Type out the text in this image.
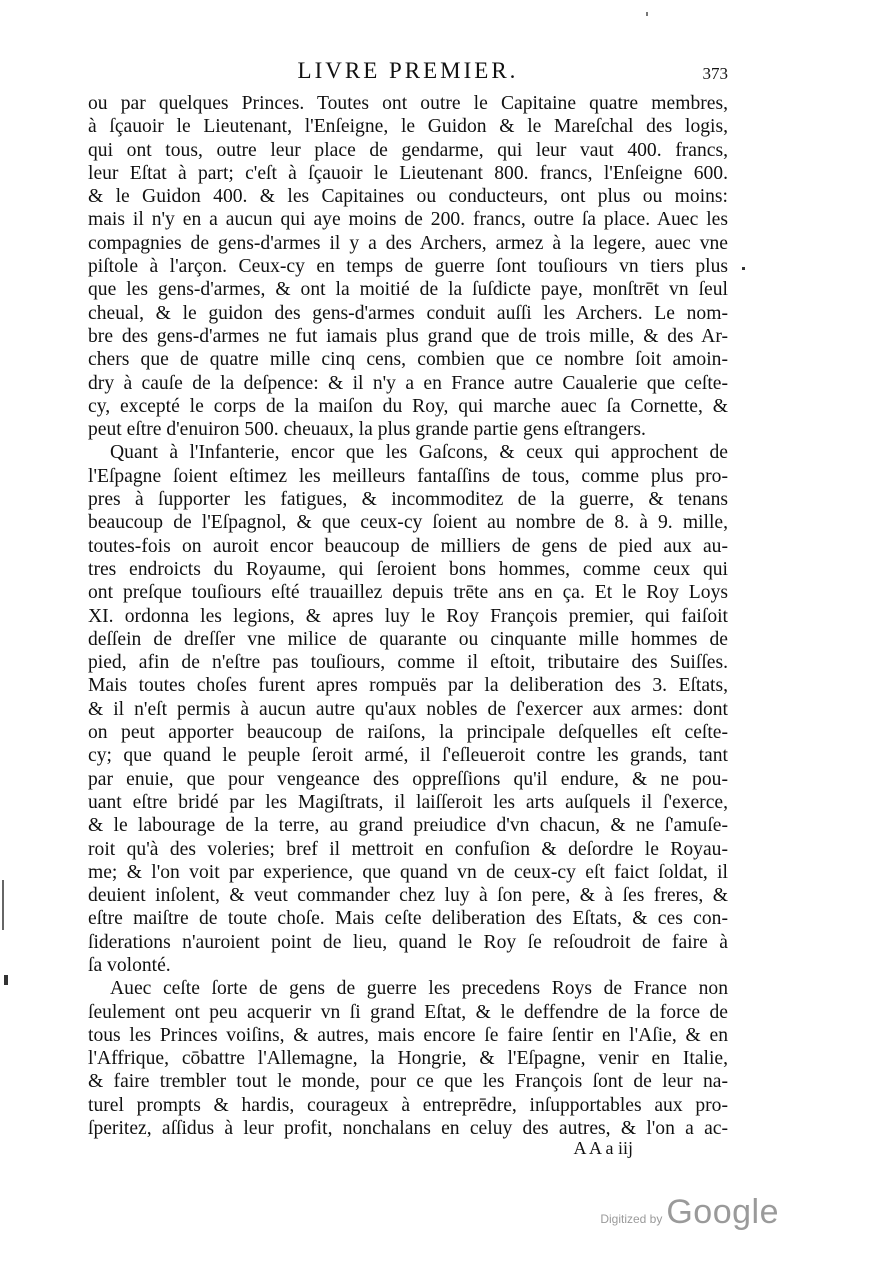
LIVRE PREMIER.	373
ou par quelques Princes. Toutes ont outre le Capitaine quatre membres,
à ſçauoir le Lieutenant, l'Enſeigne, le Guidon & le Mareſchal des logis,
qui ont tous, outre leur place de gendarme, qui leur vaut 400. francs,
leur Eſtat à part; c'eſt à ſçauoir le Lieutenant 800. francs, l'Enſeigne 600.
& le Guidon 400. & les Capitaines ou conducteurs, ont plus ou moins:
mais il n'y en a aucun qui aye moins de 200. francs, outre ſa place. Auec les
compagnies de gens-d'armes il y a des Archers, armez à la legere, auec vne
piſtole à l'arçon. Ceux-cy en temps de guerre ſont touſiours vn tiers plus
que les gens-d'armes, & ont la moitié de la ſuſdicte paye, monſtrēt vn ſeul
cheual, & le guidon des gens-d'armes conduit auſſi les Archers. Le nom-
bre des gens-d'armes ne fut iamais plus grand que de trois mille, & des Ar-
chers que de quatre mille cinq cens, combien que ce nombre ſoit amoin-
dry à cauſe de la deſpence: & il n'y a en France autre Caualerie que ceſte-
cy, excepté le corps de la maiſon du Roy, qui marche auec ſa Cornette, &
peut eſtre d'enuiron 500. cheuaux, la plus grande partie gens eſtrangers.
Quant à l'Infanterie, encor que les Gaſcons, & ceux qui approchent de
l'Eſpagne ſoient eſtimez les meilleurs fantaſſins de tous, comme plus pro-
pres à ſupporter les fatigues, & incommoditez de la guerre, & tenans
beaucoup de l'Eſpagnol, & que ceux-cy ſoient au nombre de 8. à 9. mille,
toutes-fois on auroit encor beaucoup de milliers de gens de pied aux au-
tres endroicts du Royaume, qui ſeroient bons hommes, comme ceux qui
ont preſque touſiours eſté trauaillez depuis trēte ans en ça. Et le Roy Loys
XI. ordonna les legions, & apres luy le Roy François premier, qui faiſoit
deſſein de dreſſer vne milice de quarante ou cinquante mille hommes de
pied, afin de n'eſtre pas touſiours, comme il eſtoit, tributaire des Suiſſes.
Mais toutes choſes furent apres rompuës par la deliberation des 3. Eſtats,
& il n'eſt permis à aucun autre qu'aux nobles de ſ'exercer aux armes: dont
on peut apporter beaucoup de raiſons, la principale deſquelles eſt ceſte-
cy; que quand le peuple ſeroit armé, il ſ'eſleueroit contre les grands, tant
par enuie, que pour vengeance des oppreſſions qu'il endure, & ne pou-
uant eſtre bridé par les Magiſtrats, il laiſſeroit les arts auſquels il ſ'exerce,
& le labourage de la terre, au grand preiudice d'vn chacun, & ne ſ'amuſe-
roit qu'à des voleries; bref il mettroit en confuſion & deſordre le Royau-
me; & l'on voit par experience, que quand vn de ceux-cy eſt faict ſoldat, il
deuient inſolent, & veut commander chez luy à ſon pere, & à ſes freres, &
eſtre maiſtre de toute choſe. Mais ceſte deliberation des Eſtats, & ces con-
ſiderations n'auroient point de lieu, quand le Roy ſe reſoudroit de faire à
ſa volonté.
Auec ceſte ſorte de gens de guerre les precedens Roys de France non
ſeulement ont peu acquerir vn ſi grand Eſtat, & le deffendre de la force de
tous les Princes voiſins, & autres, mais encore ſe faire ſentir en l'Aſie, & en
l'Affrique, cōbattre l'Allemagne, la Hongrie, & l'Eſpagne, venir en Italie,
& faire trembler tout le monde, pour ce que les François ſont de leur na-
turel prompts & hardis, courageux à entreprēdre, inſupportables aux pro-
ſperitez, aſſidus à leur profit, nonchalans en celuy des autres, & l'on a ac-
A A a iij
Digitized by Google
